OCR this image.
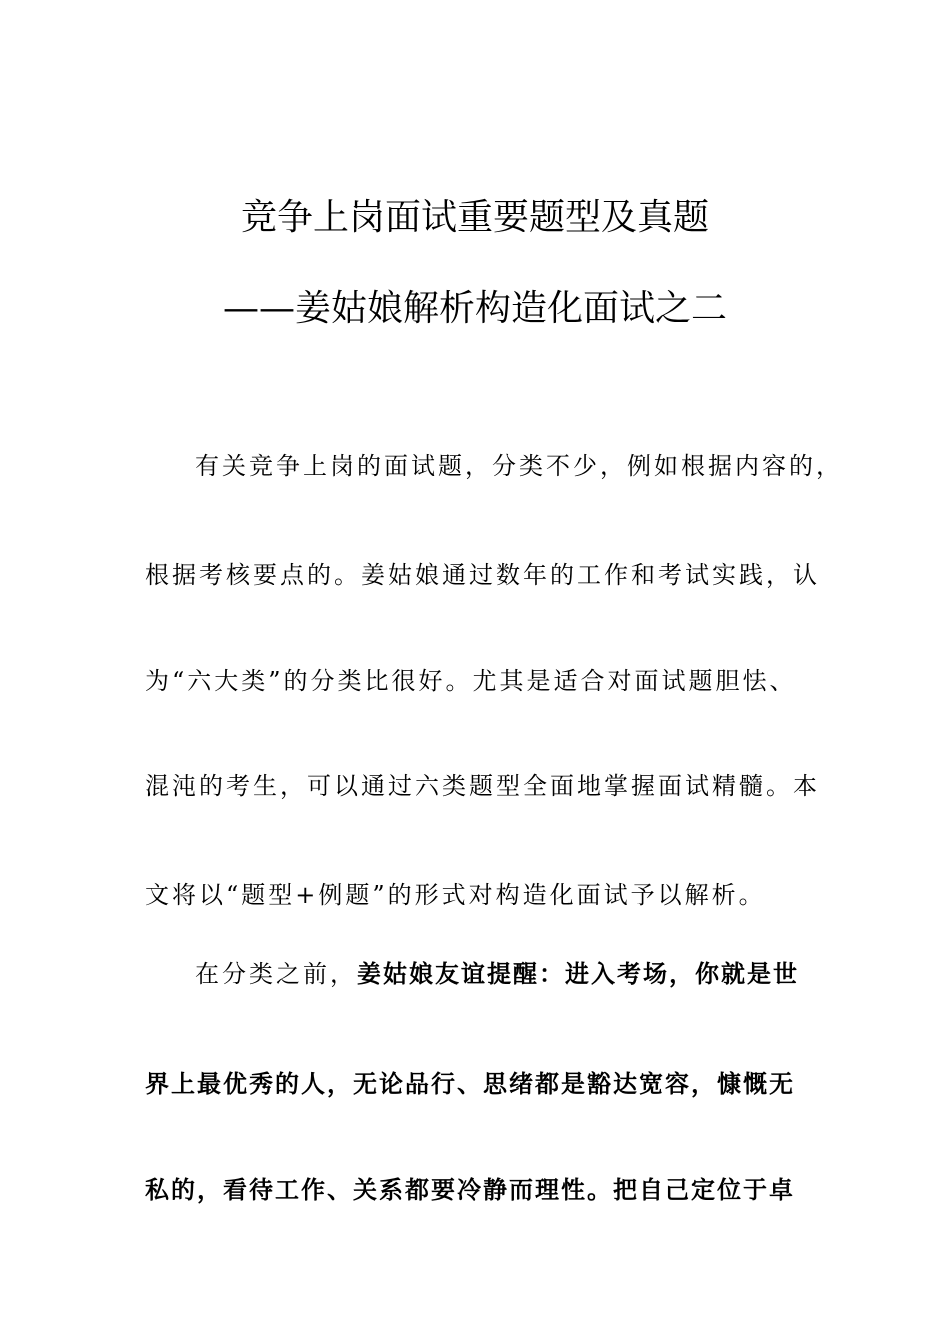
竞争上岗面试重要题型及真题
——姜姑娘解析构造化面试之二
有关竞争上岗的面试题，分类不少，例如根据内容的，
根据考核要点的。姜姑娘通过数年的工作和考试实践，认
为“六大类”的分类比很好。尤其是适合对面试题胆怯、
混沌的考生，可以通过六类题型全面地掌握面试精髓。本
文将以“题型+例题”的形式对构造化面试予以解析。
在分类之前，姜姑娘友谊提醒：进入考场，你就是世
界上最优秀的人，无论品行、思绪都是豁达宽容，慷慨无
私的，看待工作、关系都要冷静而理性。把自己定位于卓
